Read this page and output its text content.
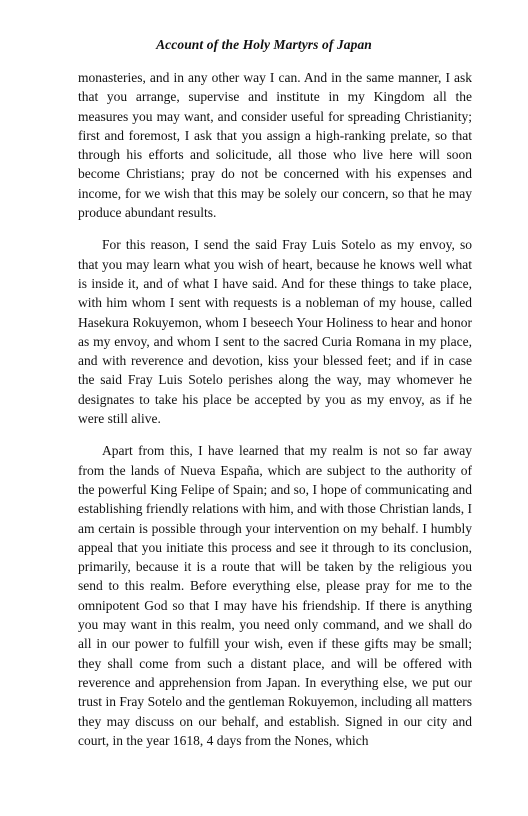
Account of the Holy Martyrs of Japan

monasteries, and in any other way I can. And in the same manner, I ask that you arrange, supervise and institute in my Kingdom all the measures you may want, and consider useful for spreading Christianity; first and foremost, I ask that you assign a high-ranking prelate, so that through his efforts and solicitude, all those who live here will soon become Christians; pray do not be concerned with his expenses and income, for we wish that this may be solely our concern, so that he may produce abundant results.

For this reason, I send the said Fray Luis Sotelo as my envoy, so that you may learn what you wish of heart, because he knows well what is inside it, and of what I have said. And for these things to take place, with him whom I sent with requests is a nobleman of my house, called Hasekura Rokuyemon, whom I beseech Your Holiness to hear and honor as my envoy, and whom I sent to the sacred Curia Romana in my place, and with reverence and devotion, kiss your blessed feet; and if in case the said Fray Luis Sotelo perishes along the way, may whomever he designates to take his place be accepted by you as my envoy, as if he were still alive.

Apart from this, I have learned that my realm is not so far away from the lands of Nueva España, which are subject to the authority of the powerful King Felipe of Spain; and so, I hope of communicating and establishing friendly relations with him, and with those Christian lands, I am certain is possible through your intervention on my behalf. I humbly appeal that you initiate this process and see it through to its conclusion, primarily, because it is a route that will be taken by the religious you send to this realm. Before everything else, please pray for me to the omnipotent God so that I may have his friendship. If there is anything you may want in this realm, you need only command, and we shall do all in our power to fulfill your wish, even if these gifts may be small; they shall come from such a distant place, and will be offered with reverence and apprehension from Japan. In everything else, we put our trust in Fray Sotelo and the gentleman Rokuyemon, including all matters they may discuss on our behalf, and establish. Signed in our city and court, in the year 1618, 4 days from the Nones, which
